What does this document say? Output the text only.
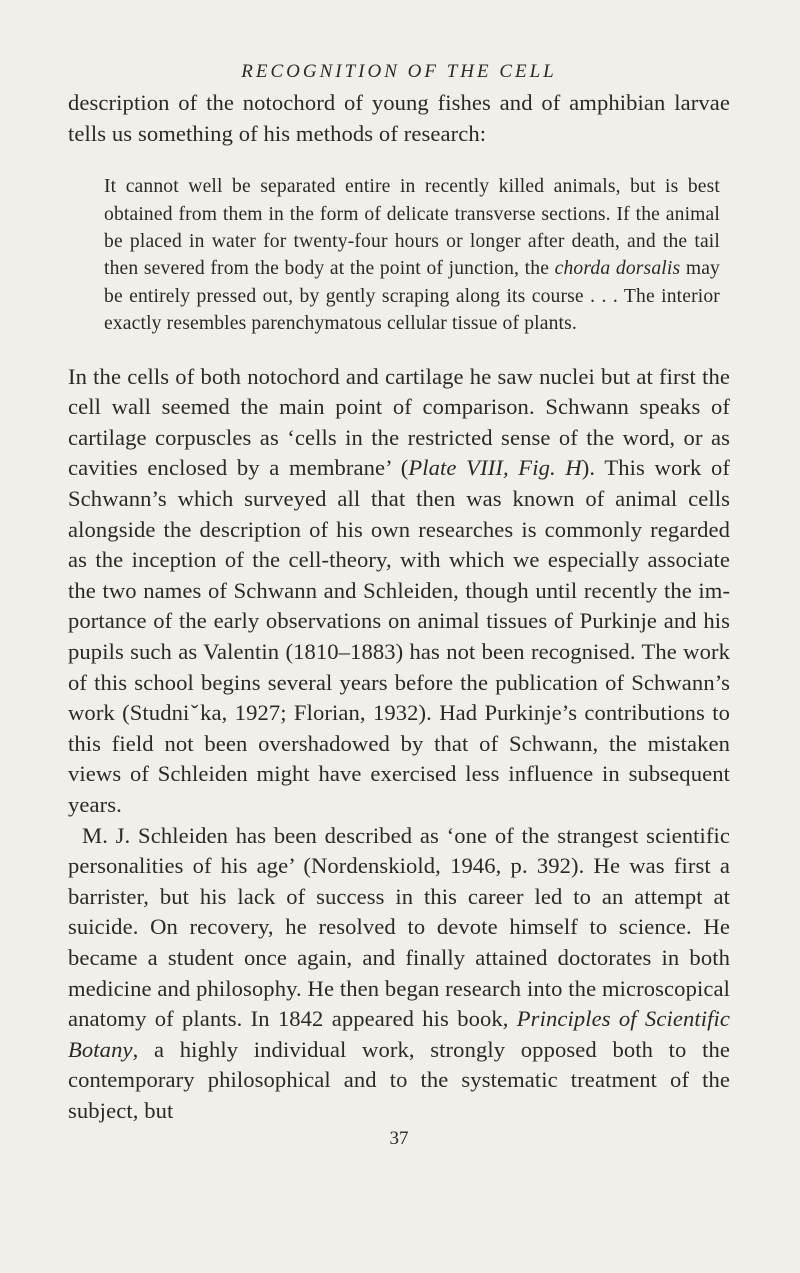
RECOGNITION OF THE CELL

description of the notochord of young fishes and of amphibian larvae tells us something of his methods of research:

It cannot well be separated entire in recently killed animals, but is best obtained from them in the form of delicate transverse sections. If the animal be placed in water for twenty-four hours or longer after death, and the tail then severed from the body at the point of junction, the chorda dorsalis may be entirely pressed out, by gently scraping along its course . . . The interior exactly resembles parenchymatous cellular tissue of plants.

In the cells of both notochord and cartilage he saw nuclei but at first the cell wall seemed the main point of comparison. Schwann speaks of cartilage corpuscles as ‘cells in the restricted sense of the word, or as cavities enclosed by a membrane’ (Plate VIII, Fig. H). This work of Schwann’s which surveyed all that then was known of animal cells alongside the description of his own researches is commonly regarded as the inception of the cell-theory, with which we especially associate the two names of Schwann and Schleiden, though until recently the importance of the early observations on animal tissues of Purkinje and his pupils such as Valentin (1810–1883) has not been recognised. The work of this school begins several years before the publication of Schwann’s work (Studniˇka, 1927; Florian, 1932). Had Purkinje’s contributions to this field not been overshadowed by that of Schwann, the mistaken views of Schleiden might have exercised less influence in subsequent years.

M. J. Schleiden has been described as ‘one of the strangest scientific personalities of his age’ (Nordenskiold, 1946, p. 392). He was first a barrister, but his lack of success in this career led to an attempt at suicide. On recovery, he resolved to devote himself to science. He became a student once again, and finally attained doctorates in both medicine and philosophy. He then began research into the microscopical anatomy of plants. In 1842 appeared his book, Principles of Scientific Botany, a highly individual work, strongly opposed both to the contemporary philosophical and to the systematic treatment of the subject, but

37
